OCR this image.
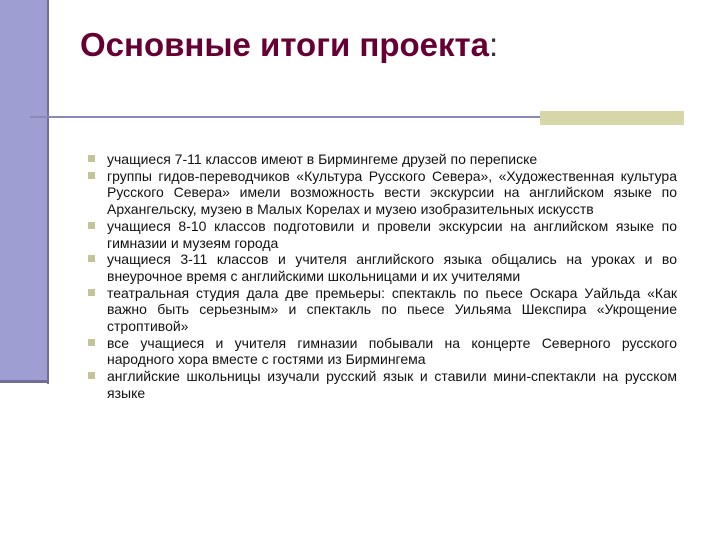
Основные итоги проекта:
учащиеся 7-11 классов имеют в Бирмингеме друзей по переписке
группы гидов-переводчиков «Культура Русского Севера», «Художественная культура Русского Севера» имели возможность вести экскурсии на английском языке по Архангельску, музею в Малых Корелах и музею изобразительных искусств
учащиеся 8-10 классов подготовили и провели экскурсии на английском языке по гимназии и музеям города
учащиеся 3-11 классов и учителя английского языка общались на уроках и во внеурочное время с английскими школьницами и их учителями
театральная студия дала две премьеры: спектакль по пьесе Оскара Уайльда «Как важно быть серьезным» и спектакль по пьесе Уильяма Шекспира «Укрощение строптивой»
все учащиеся и учителя гимназии побывали на концерте Северного русского народного хора вместе с гостями из Бирмингема
английские школьницы изучали русский язык и ставили мини-спектакли на русском языке
